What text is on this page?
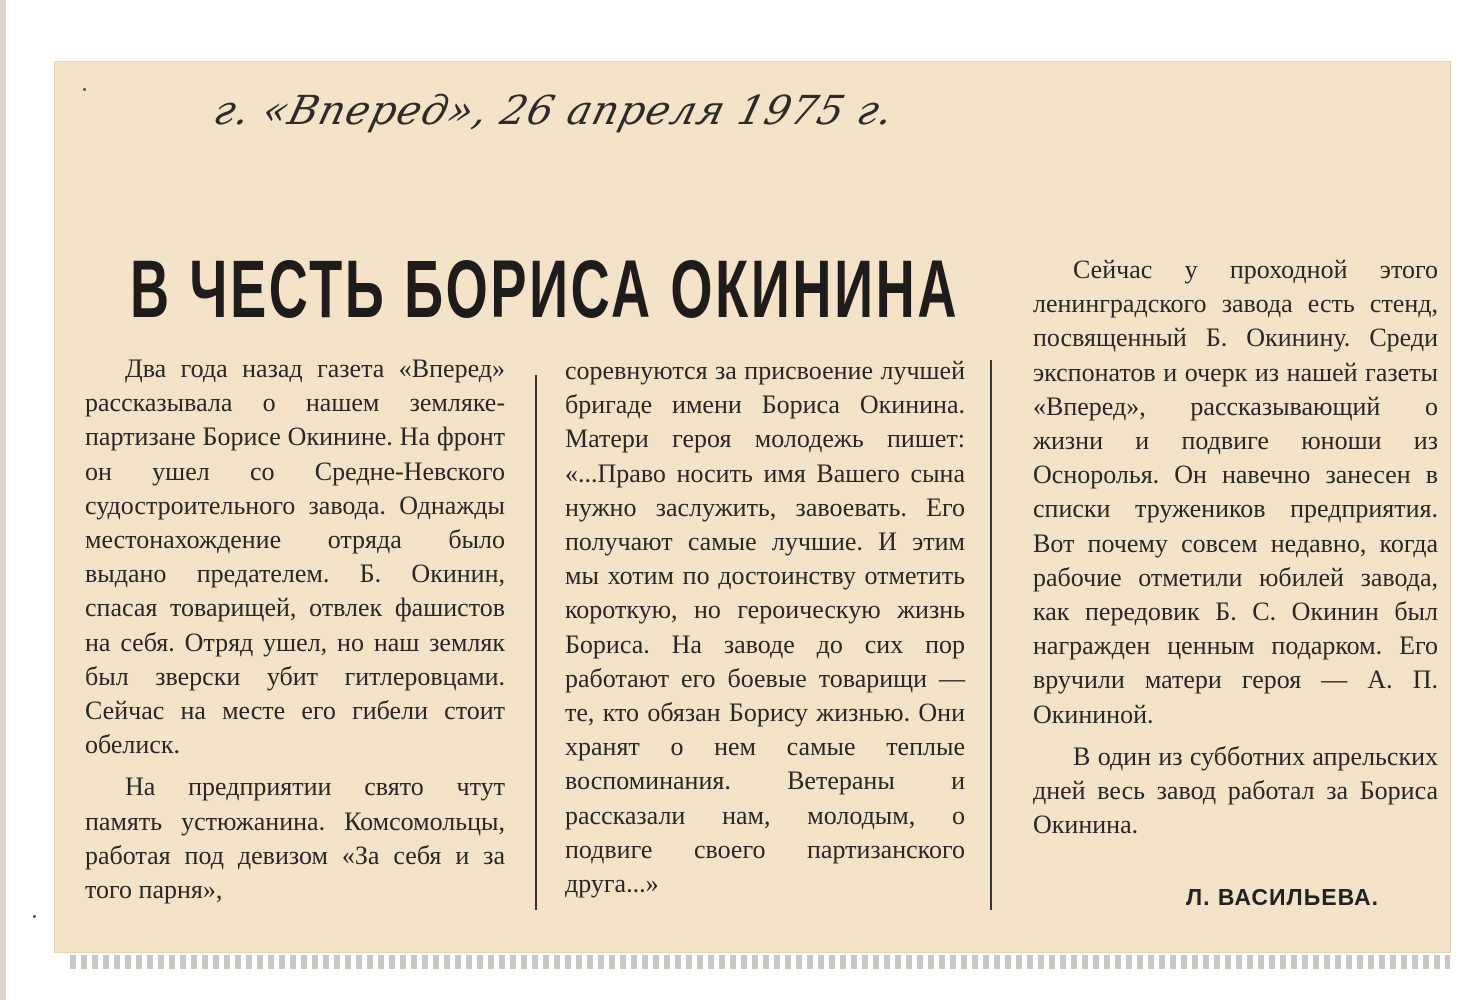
г. «Вперед», 26 апреля 1975 г.
В ЧЕСТЬ БОРИСА ОКИНИНА

Два года назад газета «Вперед» рассказывала о нашем земляке-партизане Борисе Окинине. На фронт он ушел со Средне-Невского судостроительного завода. Однажды местонахождение отряда было выдано предателем. Б. Окинин, спасая товарищей, отвлек фашистов на себя. Отряд ушел, но наш земляк был зверски убит гитлеровцами. Сейчас на месте его гибели стоит обелиск.

На предприятии свято чтут память устюжанина. Комсомольцы, работая под девизом «За себя и за того парня»,

соревнуются за присвоение лучшей бригаде имени Бориса Окинина. Матери героя молодежь пишет: «...Право носить имя Вашего сына нужно заслужить, завоевать. Его получают самые лучшие. И этим мы хотим по достоинству отметить короткую, но героическую жизнь Бориса. На заводе до сих пор работают его боевые товарищи — те, кто обязан Борису жизнью. Они хранят о нем самые теплые воспоминания. Ветераны и рассказали нам, молодым, о подвиге своего партизанского друга...»

Сейчас у проходной этого ленинградского завода есть стенд, посвященный Б. Окинину. Среди экспонатов и очерк из нашей газеты «Вперед», рассказывающий о жизни и подвиге юноши из Осноролья. Он навечно занесен в списки тружеников предприятия. Вот почему совсем недавно, когда рабочие отметили юбилей завода, как передовик Б. С. Окинин был награжден ценным подарком. Его вручили матери героя — А. П. Окининой.

В один из субботних апрельских дней весь завод работал за Бориса Окинина.

Л. ВАСИЛЬЕВА.
